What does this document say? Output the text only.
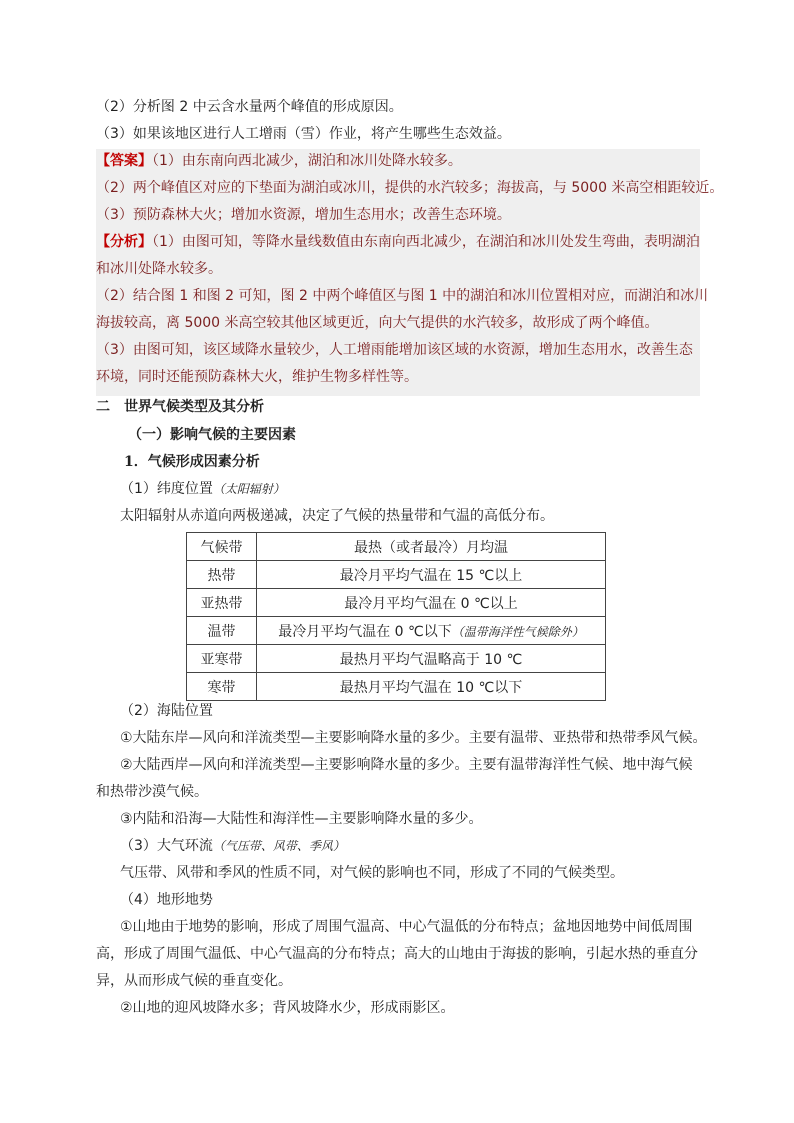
（2）分析图 2 中云含水量两个峰值的形成原因。
（3）如果该地区进行人工增雨（雪）作业，将产生哪些生态效益。
【答案】（1）由东南向西北减少，湖泊和冰川处降水较多。
（2）两个峰值区对应的下垫面为湖泊或冰川，提供的水汽较多；海拔高，与 5000 米高空相距较近。
（3）预防森林大火；增加水资源，增加生态用水；改善生态环境。
【分析】（1）由图可知，等降水量线数值由东南向西北减少，在湖泊和冰川处发生弯曲，表明湖泊
和冰川处降水较多。
（2）结合图 1 和图 2 可知，图 2 中两个峰值区与图 1 中的湖泊和冰川位置相对应，而湖泊和冰川
海拔较高，离 5000 米高空较其他区域更近，向大气提供的水汽较多，故形成了两个峰值。
（3）由图可知，该区域降水量较少，人工增雨能增加该区域的水资源，增加生态用水，改善生态
环境，同时还能预防森林大火，维护生物多样性等。
二　世界气候类型及其分析
（一）影响气候的主要因素
1．气候形成因素分析
（1）纬度位置（太阳辐射）
太阳辐射从赤道向两极递减，决定了气候的热量带和气温的高低分布。
气候带	最热（或者最冷）月均温
热带	最冷月平均气温在 15 ℃以上
亚热带	最冷月平均气温在 0 ℃以上
温带	最冷月平均气温在 0 ℃以下（温带海洋性气候除外）
亚寒带	最热月平均气温略高于 10 ℃
寒带	最热月平均气温在 10 ℃以下
（2）海陆位置
①大陆东岸—风向和洋流类型—主要影响降水量的多少。主要有温带、亚热带和热带季风气候。
②大陆西岸—风向和洋流类型—主要影响降水量的多少。主要有温带海洋性气候、地中海气候
和热带沙漠气候。
③内陆和沿海—大陆性和海洋性—主要影响降水量的多少。
（3）大气环流（气压带、风带、季风）
气压带、风带和季风的性质不同，对气候的影响也不同，形成了不同的气候类型。
（4）地形地势
①山地由于地势的影响，形成了周围气温高、中心气温低的分布特点；盆地因地势中间低周围
高，形成了周围气温低、中心气温高的分布特点；高大的山地由于海拔的影响，引起水热的垂直分
异，从而形成气候的垂直变化。
②山地的迎风坡降水多；背风坡降水少，形成雨影区。
